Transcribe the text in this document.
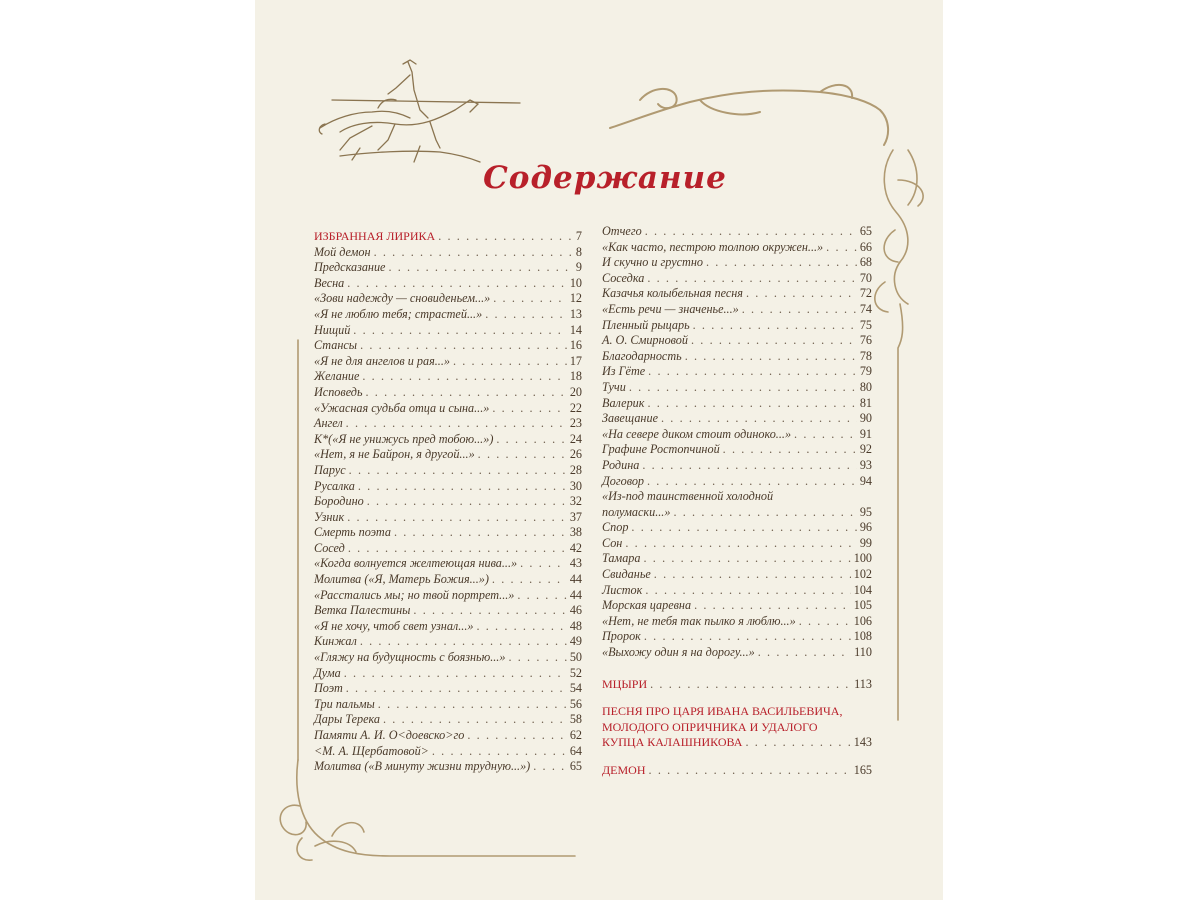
Содержание
ИЗБРАННАЯ ЛИРИКА . . .	7
Мой демон . . .	8
Предсказание . . .	9
Весна . . .	10
«Зови надежду — сновиденьем...» . . .	12
«Я не люблю тебя; страстей...» . . .	13
Нищий . . .	14
Стансы . . .	16
«Я не для ангелов и рая...» . . .	17
Желание . . .	18
Исповедь . . .	20
«Ужасная судьба отца и сына...» . . .	22
Ангел . . .	23
К*(«Я не унижусь пред тобою...») . . .	24
«Нет, я не Байрон, я другой...» . . .	26
Парус . . .	28
Русалка . . .	30
Бородино . . .	32
Узник . . .	37
Смерть поэта . . .	38
Сосед . . .	42
«Когда волнуется желтеющая нива...» . . .	43
Молитва («Я, Матерь Божия...») . . .	44
«Расстались мы; но твой портрет...» . . .	44
Ветка Палестины . . .	46
«Я не хочу, чтоб свет узнал...» . . .	48
Кинжал . . .	49
«Гляжу на будущность с боязнью...» . . .	50
Дума . . .	52
Поэт . . .	54
Три пальмы . . .	56
Дары Терека . . .	58
Памяти А. И. О<доевско>го . . .	62
<М. А. Щербатовой> . . .	64
Молитва («В минуту жизни трудную...») . . .	65
Отчего . . .	65
«Как часто, пестрою толпою окружен...» . . .	66
И скучно и грустно . . .	68
Соседка . . .	70
Казачья колыбельная песня . . .	72
«Есть речи — значенье...» . . .	74
Пленный рыцарь . . .	75
А. О. Смирновой . . .	76
Благодарность . . .	78
Из Гёте . . .	79
Тучи . . .	80
Валерик . . .	81
Завещание . . .	90
«На севере диком стоит одиноко...» . . .	91
Графине Ростопчиной . . .	92
Родина . . .	93
Договор . . .	94
«Из-под таинственной холодной
полумаски...» . . .	95
Спор . . .	96
Сон . . .	99
Тамара . . .	100
Свиданье . . .	102
Листок . . .	104
Морская царевна . . .	105
«Нет, не тебя так пылко я люблю...» . . .	106
Пророк . . .	108
«Выхожу один я на дорогу...» . . .	110
МЦЫРИ . . .	113
ПЕСНЯ ПРО ЦАРЯ ИВАНА ВАСИЛЬЕВИЧА,
МОЛОДОГО ОПРИЧНИКА И УДАЛОГО
КУПЦА КАЛАШНИКОВА . . .	143
ДЕМОН . . .	165
